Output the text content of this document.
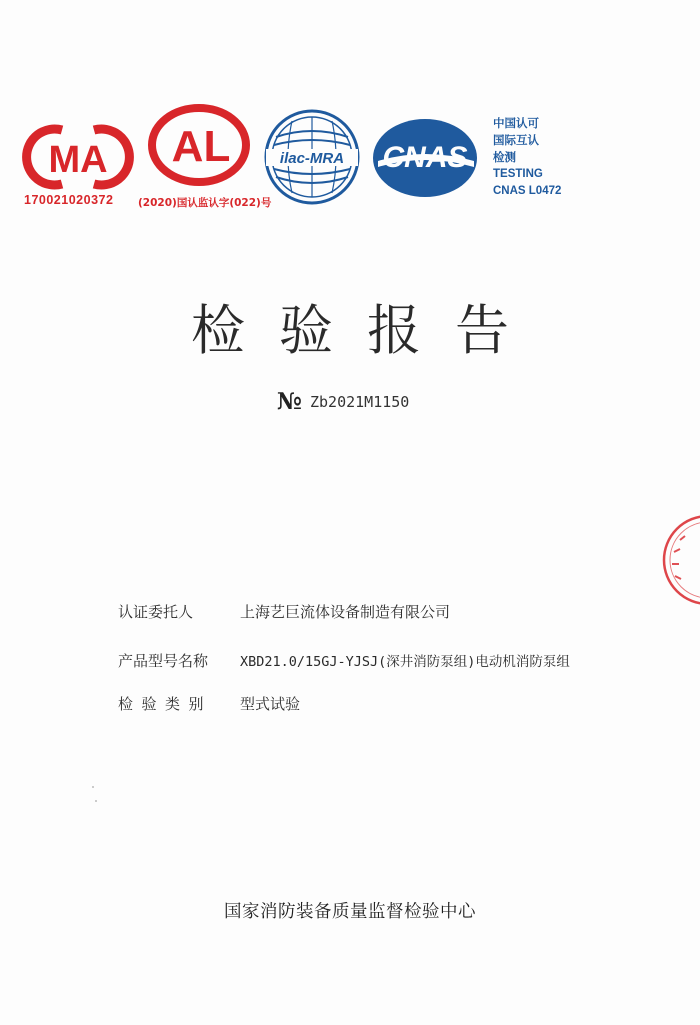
MA
170021020372
AL
(2020)国认监认字(022)号
ilac-MRA CNAS
中国认可
国际互认
检测
TESTING
CNAS L0472
检验报告
№ Zb2021M1150
认证委托人	上海艺巨流体设备制造有限公司
产品型号名称 XBD21.0/15GJ-YJSJ(深井消防泵组)电动机消防泵组
检验类别 型式试验
国家消防装备质量监督检验中心
